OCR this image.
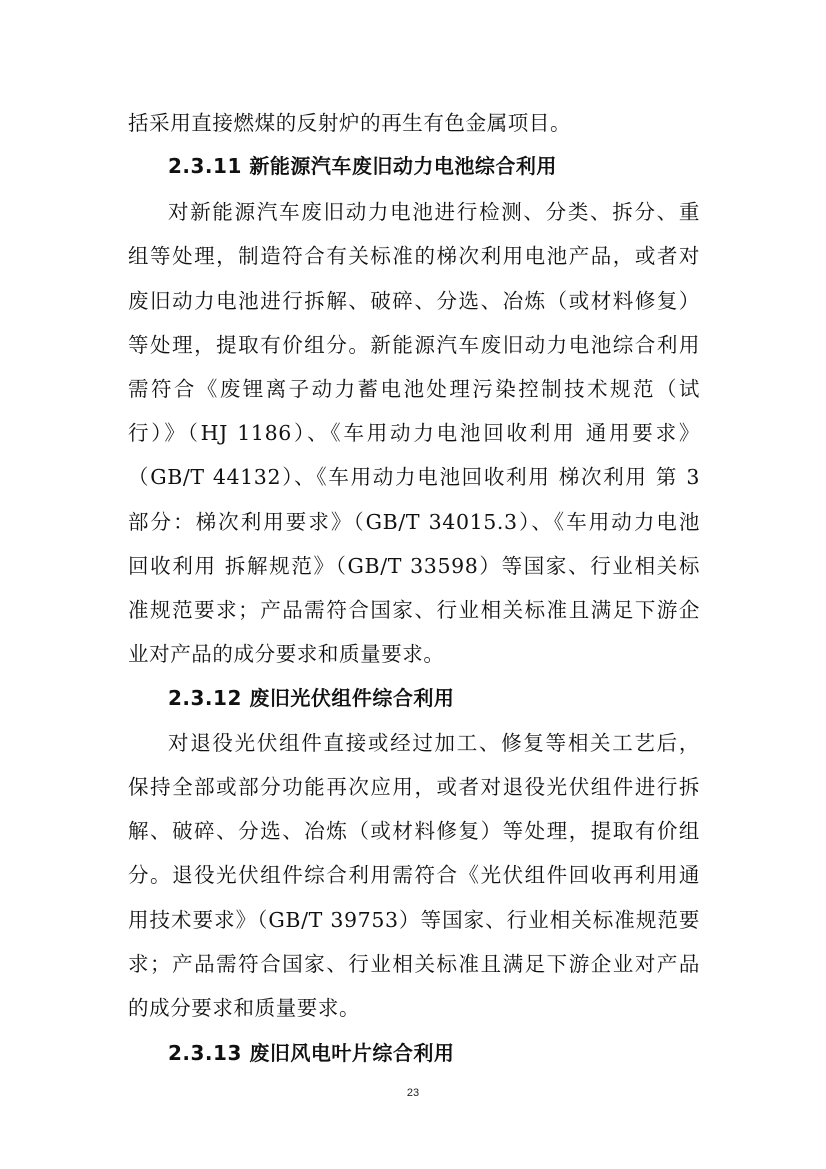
括采用直接燃煤的反射炉的再生有色金属项目。
2.3.11 新能源汽车废旧动力电池综合利用
对新能源汽车废旧动力电池进行检测、分类、拆分、重
组等处理，制造符合有关标准的梯次利用电池产品，或者对
废旧动力电池进行拆解、破碎、分选、冶炼（或材料修复）
等处理，提取有价组分。新能源汽车废旧动力电池综合利用
需符合《废锂离子动力蓄电池处理污染控制技术规范（试
行）》（HJ 1186）、《车用动力电池回收利用 通用要求》
（GB/T 44132）、《车用动力电池回收利用 梯次利用 第 3
部分：梯次利用要求》（GB/T 34015.3）、《车用动力电池
回收利用 拆解规范》（GB/T 33598）等国家、行业相关标
准规范要求；产品需符合国家、行业相关标准且满足下游企
业对产品的成分要求和质量要求。
2.3.12 废旧光伏组件综合利用
对退役光伏组件直接或经过加工、修复等相关工艺后，
保持全部或部分功能再次应用，或者对退役光伏组件进行拆
解、破碎、分选、冶炼（或材料修复）等处理，提取有价组
分。退役光伏组件综合利用需符合《光伏组件回收再利用通
用技术要求》（GB/T 39753）等国家、行业相关标准规范要
求；产品需符合国家、行业相关标准且满足下游企业对产品
的成分要求和质量要求。
2.3.13 废旧风电叶片综合利用
23
